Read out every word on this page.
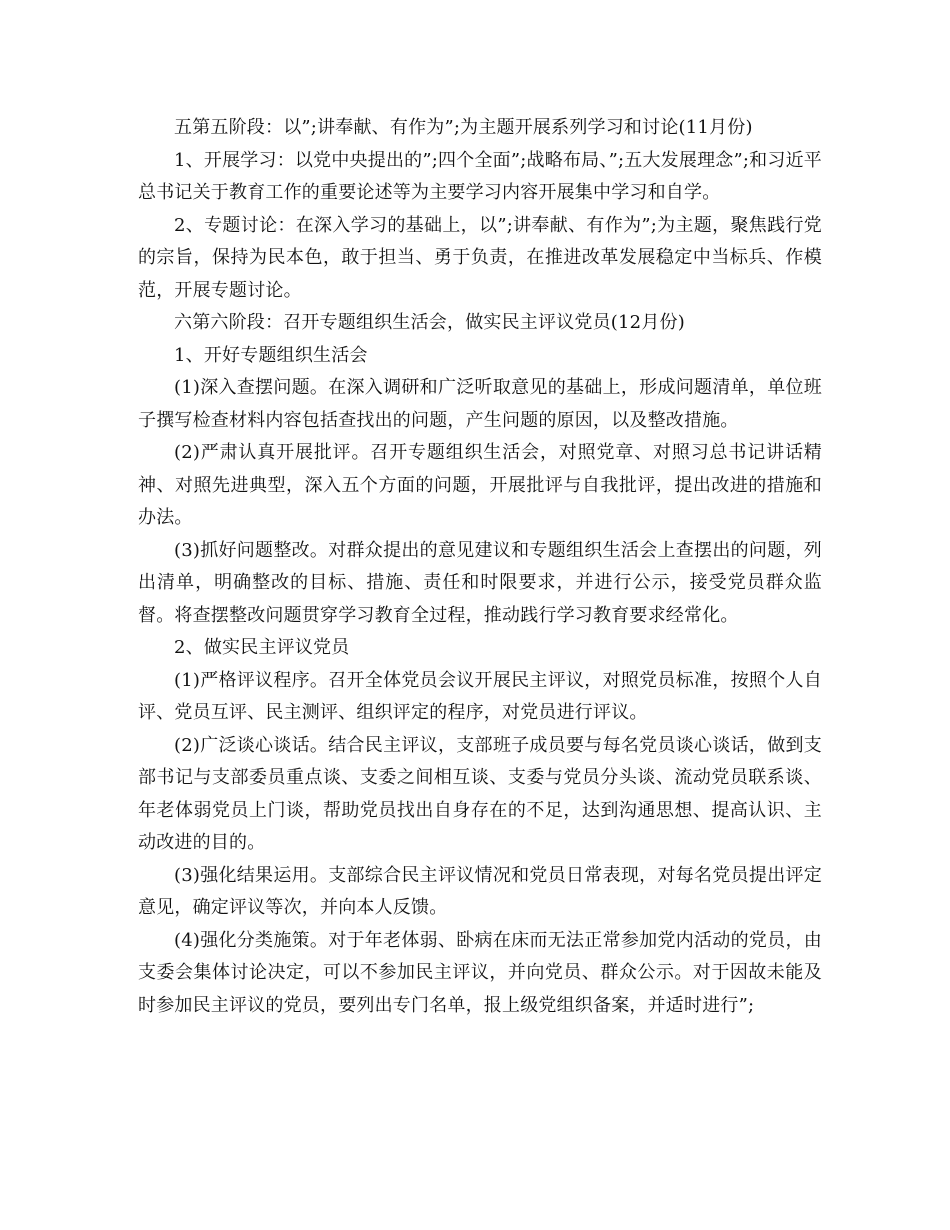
五第五阶段：以”;讲奉献、有作为”;为主题开展系列学习和讨论(11月份)

1、开展学习：以党中央提出的”;四个全面”;战略布局、”;五大发展理念”;和习近平总书记关于教育工作的重要论述等为主要学习内容开展集中学习和自学。

2、专题讨论：在深入学习的基础上，以”;讲奉献、有作为”;为主题，聚焦践行党的宗旨，保持为民本色，敢于担当、勇于负责，在推进改革发展稳定中当标兵、作模范，开展专题讨论。

六第六阶段：召开专题组织生活会，做实民主评议党员(12月份)

1、开好专题组织生活会

(1)深入查摆问题。在深入调研和广泛听取意见的基础上，形成问题清单，单位班子撰写检查材料内容包括查找出的问题，产生问题的原因，以及整改措施。

(2)严肃认真开展批评。召开专题组织生活会，对照党章、对照习总书记讲话精神、对照先进典型，深入五个方面的问题，开展批评与自我批评，提出改进的措施和办法。

(3)抓好问题整改。对群众提出的意见建议和专题组织生活会上查摆出的问题，列出清单，明确整改的目标、措施、责任和时限要求，并进行公示，接受党员群众监督。将查摆整改问题贯穿学习教育全过程，推动践行学习教育要求经常化。

2、做实民主评议党员

(1)严格评议程序。召开全体党员会议开展民主评议，对照党员标准，按照个人自评、党员互评、民主测评、组织评定的程序，对党员进行评议。

(2)广泛谈心谈话。结合民主评议，支部班子成员要与每名党员谈心谈话，做到支部书记与支部委员重点谈、支委之间相互谈、支委与党员分头谈、流动党员联系谈、年老体弱党员上门谈，帮助党员找出自身存在的不足，达到沟通思想、提高认识、主动改进的目的。

(3)强化结果运用。支部综合民主评议情况和党员日常表现，对每名党员提出评定意见，确定评议等次，并向本人反馈。

(4)强化分类施策。对于年老体弱、卧病在床而无法正常参加党内活动的党员，由支委会集体讨论决定，可以不参加民主评议，并向党员、群众公示。对于因故未能及时参加民主评议的党员，要列出专门名单，报上级党组织备案，并适时进行”;
